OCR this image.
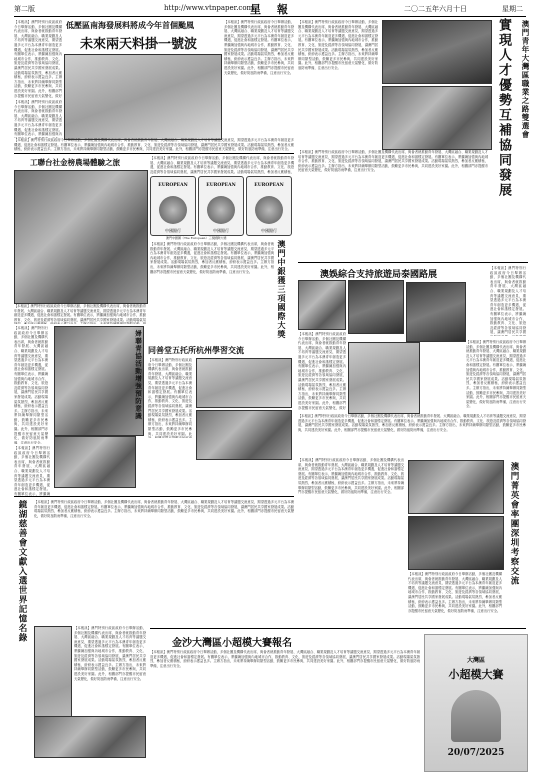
第二版	http://www.vtnpaper.com
星 報	二〇二五年六月十日	星期二
低壓區南海發展料將成今年首個颱風
未來兩天料掛一號波
【本報訊】澳門特別行政區政府今日舉辦活動，多個社團及機構代表出席，與會者就推動青年發展、大灣區融合、職業規劃及人才培育等議題交流意見，期望透過多元平台為本澳青年創造更多機遇，促進社會和諧穩定發展。有關單位表示，將繼續加強與內地城市合作，推動教育、文化、旅遊及經濟等各領域協同發展，讓澳門居民共享國家發展成果。活動現場氣氛熱烈，參加者反應積極，紛紛表示獲益良多。主辦方指出，未來將持續舉辦同類型活動，鼓勵更多市民參與，共同建設美好家園。此外，相關部門亦提醒市民留意天氣變化，做好
【本報訊】澳門特別行政區政府今日舉辦活動，多個社團及機構代表出席，與會者就推動青年發展、大灣區融合、職業規劃及人才培育等議題交流意見，期望透過多元平台為本澳青年創造更多機遇，促進社會和諧穩定發展。有關單位表示，將繼續加強與內
【本報訊】澳門特別行政區政府今日舉辦活動，多個社團及機構代表出席，與會者就推動青年發展、大灣區融合、職業規劃及人才培育等議題交流意見，期望透過多元平台為本澳青年創造更多機遇，促進社會和諧穩定發展。有關單位表示，將繼續加強與內地城市合作，推動教育、文化、旅遊及經濟等各領域協同發展，讓澳門居民共享國家發展成果。活動現場氣氛熱烈，參加者反應積極，紛紛表示獲益良多。主辦方指出，未來將持續舉辦同類型活動，鼓勵更多市民參與，共同建設美好家園。此外，相關部門亦提醒市民留意天氣變化，做好防風防雨準備，注意出行安全。
【本報訊】澳門特別行政區政府今日舉辦活動，多個社團及機構代表出席，與會者就推動青年發展、大灣區融合、職業規劃及人才培育等議題交流意見，期望透過多元平台為本澳青年創造更多機遇，促進社會和諧穩定發展。有關單位表示，將繼續加強與內地城市合作，推動教育、文化、旅遊及經濟等各領域協同發展，讓澳門居民共享國家發展成果。活動現場氣氛熱烈，參加者反應積極，紛紛表示獲益良多。主辦方指出，未來將持續舉辦同類型活動，鼓勵更多市民參與，共同建設美好家園。此外，相關部門亦提醒市民留意天氣變化，做好防風防雨準備，注意出行安全。
工聯台社金榜農場體驗之旅
【本報訊】澳門特別行政區政府今日舉辦活動，多個社團及機構代表出席，與會者就推動青年發展、大灣區融合、職業規劃及人才培育等議題交流意見，期望透過多元平台為本澳青年創造更多機遇，促進社會和諧穩定發展。有關單位表示，將繼續加強與內地城市合作，推動教育、文化、旅遊及經濟等各領域協同發展，讓澳門居民共享國家發展成果。活動現場氣氛
【本報訊】澳門特別行政區政府今日舉辦活動，多個社團及機構代表出席，與會者就推動青年發展、大灣區融合、職業規劃及人才培育等議題交流意見，期望透過多元平台為本澳青年創造更多機遇，促進社會和諧穩定發展。有關單位表示，將繼續加強與內地城市合作，推動教育、文化、旅遊及經濟等各領域協同發展，讓澳門居民共享國家發展成果。活動現場氣氛熱烈，參加者反應積極，
EUROPEAN
中國銀行
EUROPEAN
中國銀行
EUROPEAN
中國銀行
澳門中銀獲《The European》三項國際大獎
澳門中銀獲三項國際大獎
【本報訊】澳門特別行政區政府今日舉辦活動，多個社團及機構代表出席，與會者就推動青年發展、大灣區融合、職業規劃及人才培育等議題交流意見，期望透過多元平台為本澳青年創造更多機遇，促進社會和諧穩定發展。有關單位表示，將繼續加強與內地城市合作，推動教育、文化、旅遊及經濟等各領域協同發展，讓澳門居民共享國家發展成果。活動現場氣氛熱烈，參加者反應積極，紛紛表示獲益良多。主辦方指出，未來將持續舉辦同類型活動，鼓勵更多市民參與，共同建設美好家園。此外，相關部門亦提醒市民留意天氣變化，做好防風防雨準備，注意出行安全。
同善堂五托所杭州學習交流
【本報訊】澳門特別行政區政府今日舉辦活動，多個社團及機構代表出席，與會者就推動青年發展、大灣區融合、職業規劃及人才培育等議題交流意見，期望透過多元平台為本澳青年創造更多機遇，促進社會和諧穩定發展。有關單位表示，將繼續加強與內地城市合作，推動教育、文化、旅遊及經濟等各領域協同發展，讓澳門居民共享國家發展成果。活動現場氣氛熱烈，參加者反應積極，紛紛表示獲益良多。主辦方指出，未來將持續舉辦同類型活動，鼓勵更多市民參與，共同建設美好家園。此外，相關部門亦提醒市民留意天氣變化，做好防風防雨準備，注意出行安全。
婦聯青協活動增強預防意識	【本報訊】澳門特別行政區政府今日舉辦活動，多個社團及機構代表出席，與會者就推動青年發展、大灣區融合、職業規劃及人才培育等議題交流意見，期望透過多元平台為本澳青年創造更多機遇，促進社會和諧穩定發展。有關單位表示，將繼續加強與內地城市合作，推動教育、文化、旅遊及經濟等各領域協同發展，讓澳門居民共享國家發展成果。活動現場氣氛熱烈，參加者反應積極，紛紛表示獲益良多。主辦方指出，未來將持續舉辦同類型活動，鼓勵更多市民參與，共同建設美好家園。此
【本報訊】澳門特別行政區政府今日舉辦活動，多個社團及機構代表出席，與會者就推動青年發展、大灣區融合、職業規劃及人才培育等議題交流意見，期望透過多元平台為本澳青年創造更多機遇，促進社會和諧穩定發展。有關單位表示，將繼續
鏡湖慈善會文獻入選世界記憶名錄	【本報訊】澳門特別行政區政府今日舉辦活動，多個社團及機構代表出席，與會者就推動青年發展、大灣區融合、職業規劃及人才培育等議題交流意見，期望透過多元平台為本澳青年創造更多機遇，促進社會和諧穩定發展。有關單位表示，將繼續加強與內地城市合作，推動教育、文化、旅遊及經濟等各領域協同發展，讓澳門居民共享國家發展成果。活動現場氣氛熱烈，參加者反應積極，紛紛表示獲益良多。主辦方指出，未來將持續舉辦同類型活動，鼓勵更多市民參與，共同建設美好家園。此外，相關部門亦提醒市民留意天氣變化，做好防風防雨準備，注意出行安全。
【本報訊】澳門特別行政區政府今日舉辦活動，多個社團及機構代表出席，與會者就推動青年發展、大灣區融合、職業規劃及人才培育等議題交流意見，期望透過多元平台為本澳青年創造更多機遇，促進社會和諧穩定發展。有關單位表示，將繼續加強與內地城市合作，推動教育、文化、旅遊及經濟等各領域協同發展，讓澳門居民共享國家發展成果。活動現場氣氛熱烈，參加者反應積極，紛紛表示獲益良多。主辦方指出，未來將持續舉辦同類型活動，鼓勵更多市民參與，共同建設美好家園。此外，相關部門亦提醒市民留意天氣變化，做好防風防雨準備，注意出行安全。
澳門青年大灣區職業之路雙選會
實現人才優勢互補協同發展
【本報訊】澳門特別行政區政府今日舉辦活動，多個社團及機構代表出席，與會者就推動青年發展、大灣區融合、職業規劃及人才培育等議題交流意見，期望透過多元平台為本澳青年創造更多機遇，促進社會和諧穩定發展。有關單位表示，將繼續加強與內地城市合作，推動教育、文化、旅遊及經濟等各領域協同發展，讓澳門居民共享國家發展成果。活動現場氣氛熱烈，參加者反應積極，紛紛表示獲益良多。主辦方指出，未來將持續舉辦同類型活動，鼓勵更多市民參與，共同建設美好家園。此外，相關部門亦提醒市民留意天氣變化，做好防風防雨準備，注意出行安全。
【本報訊】澳門特別行政區政府今日舉辦活動，多個社團及機構代表出席，與會者就推動青年發展、大灣區融合、職業規劃及人才培育等議題交流意見，期望透過多元平台為本澳青年創造更多機遇，促進社會和諧穩定發展。有關單位表示，將繼續加強與內地城市合作，推動教育、文化、旅遊及經濟等各領域協同發展，讓澳門居民共享國家發展成果。活動現場氣氛熱烈，參加者反應積極，紛紛表示獲益良多。主辦方指出，未來將持續舉辦同類型活動，鼓勵更多市民參與，共同建設美好家園。此外，相關部門亦提醒市民留意天氣變化，做好防風防雨準備，注意出行安全。
澳娛綜合支持旅遊局泰國路展
【本報訊】澳門特別行政區政府今日舉辦活動，多個社團及機構代表出席，與會者就推動青年發展、大灣區融合、職業規劃及人才培育等議題交流意見，期望透過多元平台為本澳青年創造更多機遇，促進社會和諧穩定發展。有關單位表示，將繼續加強與內地城市合作，推動教育、文化、旅遊及經濟等各領域協同發展，讓澳門居民共享國
【本報訊】澳門特別行政區政府今日舉辦活動，多個社團及機構代表出席，與會者就推動青年發展、大灣區融合、職業規劃及人才培育等議題交流意見，期望透過多元平台為本澳青年創造更多機遇，促進社會和諧穩定發展。有關單位表示，將繼續加強與內地城市合作，推動教育、文化、旅遊及經濟等各領域協同發展，讓澳門居民共享國家發展成果。活動現場氣氛熱烈，參加者反應積極，紛紛表示獲益良多。主辦方指出，未來將持續舉辦同類型活動，鼓勵更多市民參與，共同建設美好家園。此外，相關部門亦提醒市民留意天氣變化，做好
【本報訊】澳門特別行政區政府今日舉辦活動，多個社團及機構代表出席，與會者就推動青年發展、大灣區融合、職業規劃及人才培育等議題交流意見，期望透過多元平台為本澳青年創造更多機遇，促進社會和諧穩定發展。有關單位表示，將繼續加強與內地城市合作，推動教育、文化、旅遊及經濟等各領域協同發展，讓澳門居民共享國家發展成果。活動現場氣氛熱烈，參加者反應積極，紛紛表示獲益良多。主辦方指出，未來將持續舉辦同類型活動，鼓勵更多市民參與，共同建設美好家園。此外，相關部門亦提醒市民留意天氣變化，做好防風防雨準備，注意出行安全。
【本報訊】澳門特別行政區政府今日舉辦活動，多個社團及機構代表出席，與會者就推動青年發展、大灣區融合、職業規劃及人才培育等議題交流意見，期望透過多元平台為本澳青年創造更多機遇，促進社會和諧穩定發展。有關單位表示，將繼續加強與內地城市合作，推動教育、文化、旅遊及經濟等各領域協同發展，讓澳門居民共享國家發展成果。活動現場氣氛熱烈，參加者反應積極，紛紛表示獲益良多。主辦方指出，未來將持續舉辦同類型活動，鼓勵更多市民參與，共同建設美好家園。此外，相關部門亦提醒市民留意天氣變化，做好防風防雨準備，注意出行安全。
澳門菁英會率團深圳考察交流
【本報訊】澳門特別行政區政府今日舉辦活動，多個社團及機構代表出席，與會者就推動青年發展、大灣區融合、職業規劃及人才培育等議題交流意見，期望透過多元平台為本澳青年創造更多機遇，促進社會和諧穩定發展。有關單位表示，將繼續加強與內地城市合作，推動教育、文化、旅遊及經濟等各領域協同發展，讓澳門居民共享國家發展成果。活動現場氣氛熱烈，參加者反應積極，紛紛表示獲益良多。主辦方指出，未來將持續舉辦同類型活動，鼓勵更多市民參與，共同建設美好家園。此外，相關部門亦提醒市民留意天氣變化，做好防風防雨準備，注意出行安全。
【本報訊】澳門特別行政區政府今日舉辦活動，多個社團及機構代表出席，與會者就推動青年發展、大灣區融合、職業規劃及人才培育等議題交流意見，期望透過多元平台為本澳青年創造更多機遇，促進社會和諧穩定發展。有關單位表示，將繼續加強與內地城市合作，推動教育、文化、旅遊及經濟等各領域協同發展，讓澳門居民共享國家發展成果。活動現場氣氛熱烈，參加者反應積極，紛紛表示獲益良多。主辦方指出，未來將持續舉辦同類型活動，鼓勵更多市民參與，共同建設美好家園。此外，相關部門亦提醒市民留意天氣變化，做好防風防雨準備，注意出行安全。
金沙大灣區小超模大賽報名
【本報訊】澳門特別行政區政府今日舉辦活動，多個社團及機構代表出席，與會者就推動青年發展、大灣區融合、職業規劃及人才培育等議題交流意見，期望透過多元平台為本澳青年創造更多機遇，促進社會和諧穩定發展。有關單位表示，將繼續加強與內地城市合作，推動教育、文化、旅遊及經濟等各領域協同發展，讓澳門居民共享國家發展成果。活動現場氣氛熱烈，參加者反應積極，紛紛表示獲益良多。主辦方指出，未來將持續舉辦同類型活動，鼓勵更多市民參與，共同建設美好家園。此外，相關部門亦提醒市民留意天氣變化，做好防風防雨準備，注意出行安全。
大灣區
小超模大賽
20/07/2025
